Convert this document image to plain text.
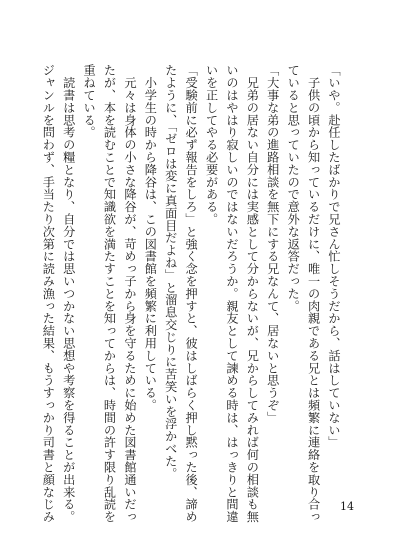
「いや。赴任したばかりで兄さん忙しそうだから、話はしていない」
　子供の頃から知っているだけに、唯一の肉親である兄とは頻繁に連絡を取り合っ
ていると思っていたので意外な返答だった。
「大事な弟の進路相談を無下にする兄なんて、居ないと思うぞ」
　兄弟の居ない自分には実感として分からないが、兄からしてみれば何の相談も無
いのはやはり寂しいのではないだろうか。親友として諫める時は、はっきりと間違
いを正してやる必要がある。
「受験前に必ず報告をしろ」と強く念を押すと、彼はしばらく押し黙った後、諦め
たように、「ゼロは変に真面目だよね」と溜息交じりに苦笑いを浮かべた。
　小学生の時から降谷は、この図書館を頻繁に利用している。
　元々は身体の小さな降谷が、苛めっ子から身を守るために始めた図書館通いだっ
たが、本を読むことで知識欲を満たすことを知ってからは、時間の許す限り乱読を
重ねている。
　読書は思考の糧となり、自分では思いつかない思想や考察を得ることが出来る。
ジャンルを問わず、手当たり次第に読み漁った結果、もうすっかり司書と顔なじみ	14
